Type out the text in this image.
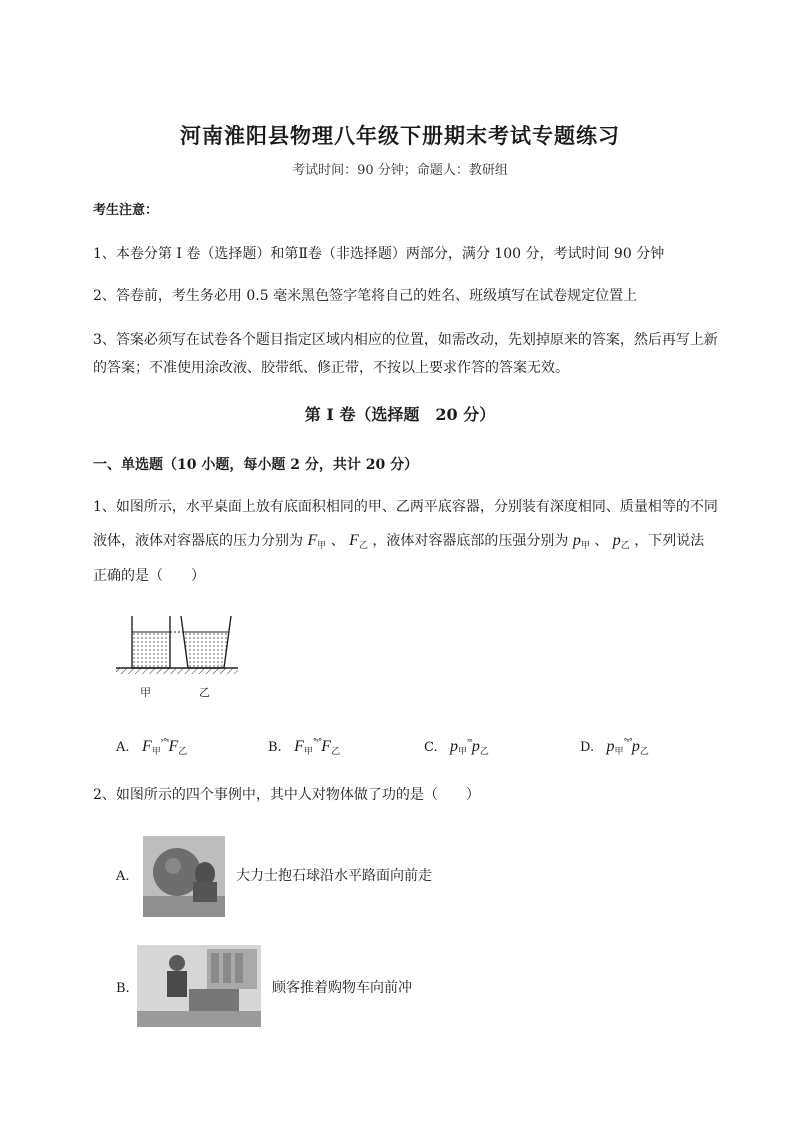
河南淮阳县物理八年级下册期末考试专题练习
考试时间：90 分钟；命题人：教研组
考生注意：
1、本卷分第 I 卷（选择题）和第Ⅱ卷（非选择题）两部分，满分 100 分，考试时间 90 分钟
2、答卷前，考生务必用 0.5 毫米黑色签字笔将自己的姓名、班级填写在试卷规定位置上
3、答案必须写在试卷各个题目指定区域内相应的位置，如需改动，先划掉原来的答案，然后再写上新的答案；不准使用涂改液、胶带纸、修正带，不按以上要求作答的答案无效。
第 I 卷（选择题　20 分）
一、单选题（10 小题，每小题 2 分，共计 20 分）
1、如图所示，水平桌面上放有底面积相同的甲、乙两平底容器，分别装有深度相同、质量相等的不同
液体，液体对容器底的压力分别为 $F_甲$ 、 $F_乙$ ，液体对容器底部的压强分别为 $p_甲$ 、 $p_乙$ ，下列说法
正确的是（　　）
甲	乙
A. $F_甲^{ˣ^\circ ˣ}F_乙$	B. $F_甲^{^\circ ˣ^\circ}F_乙$	C. $p_甲^{ˣˣ}p_乙$	D. $p_甲^{^\circ ˣ^\circ}p_乙$
2、如图所示的四个事例中，其中人对物体做了功的是（　　）
A.	大力士抱石球沿水平路面向前走
B.	顾客推着购物车向前冲
